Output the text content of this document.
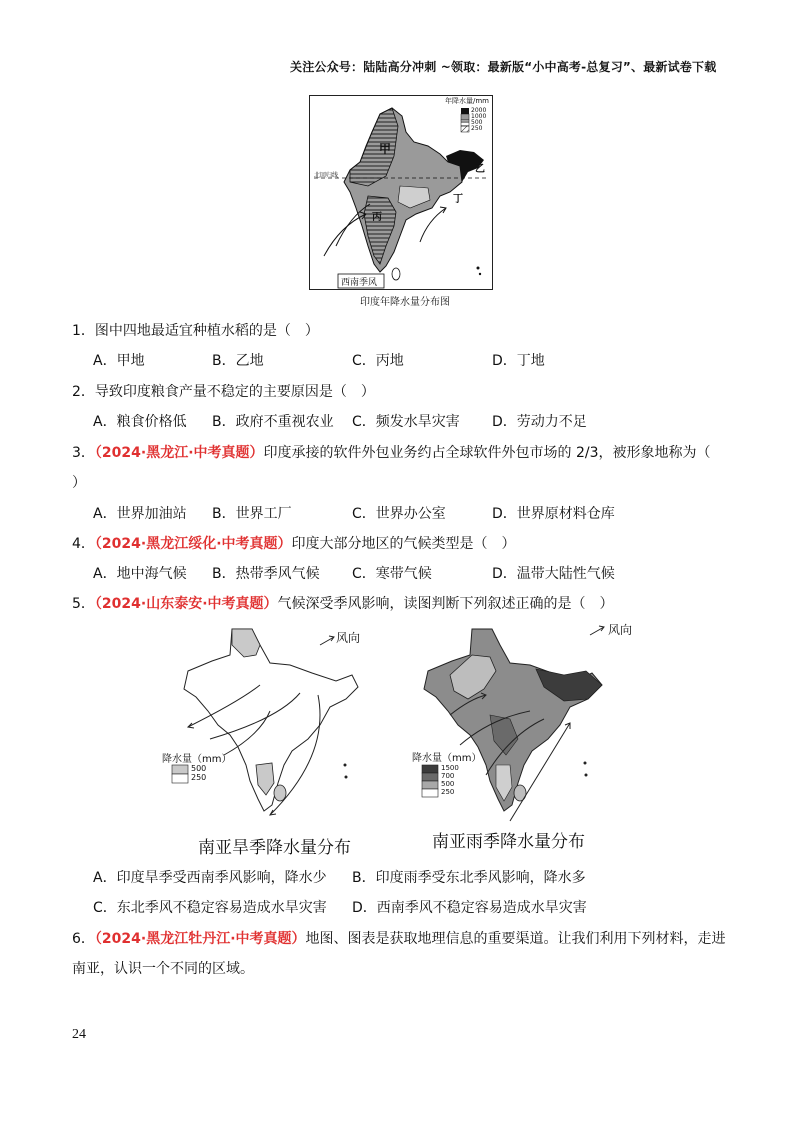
关注公众号：陆陆高分冲刺 ~领取：最新版“小中高考-总复习”、最新试卷下载
年降水量/mm
2000
1000
500
250
甲
乙
丙
丁
北回归线
西南季风
印度年降水量分布图
1．图中四地最适宜种植水稻的是（　）
A．甲地	B．乙地	C．丙地	D．丁地
2．导致印度粮食产量不稳定的主要原因是（　）
A．粮食价格低 B．政府不重视农业 C．频发水旱灾害 D．劳动力不足
3．（2024·黑龙江·中考真题）印度承接的软件外包业务约占全球软件外包市场的 2/3，被形象地称为（
）
A．世界加油站 B．世界工厂	C．世界办公室	D．世界原材料仓库
4．（2024·黑龙江绥化·中考真题）印度大部分地区的气候类型是（　）
A．地中海气候 B．热带季风气候 C．寒带气候	D．温带大陆性气候
5．（2024·山东泰安·中考真题）气候深受季风影响，读图判断下列叙述正确的是（　）
风向
降水量（mm）
500
250
南亚旱季降水量分布
风向
降水量（mm）
1500
700
500
250
南亚雨季降水量分布
A．印度旱季受西南季风影响，降水少 B．印度雨季受东北季风影响，降水多
C．东北季风不稳定容易造成水旱灾害 D．西南季风不稳定容易造成水旱灾害
6．（2024·黑龙江牡丹江·中考真题）地图、图表是获取地理信息的重要渠道。让我们利用下列材料，走进
南亚，认识一个不同的区域。
24
